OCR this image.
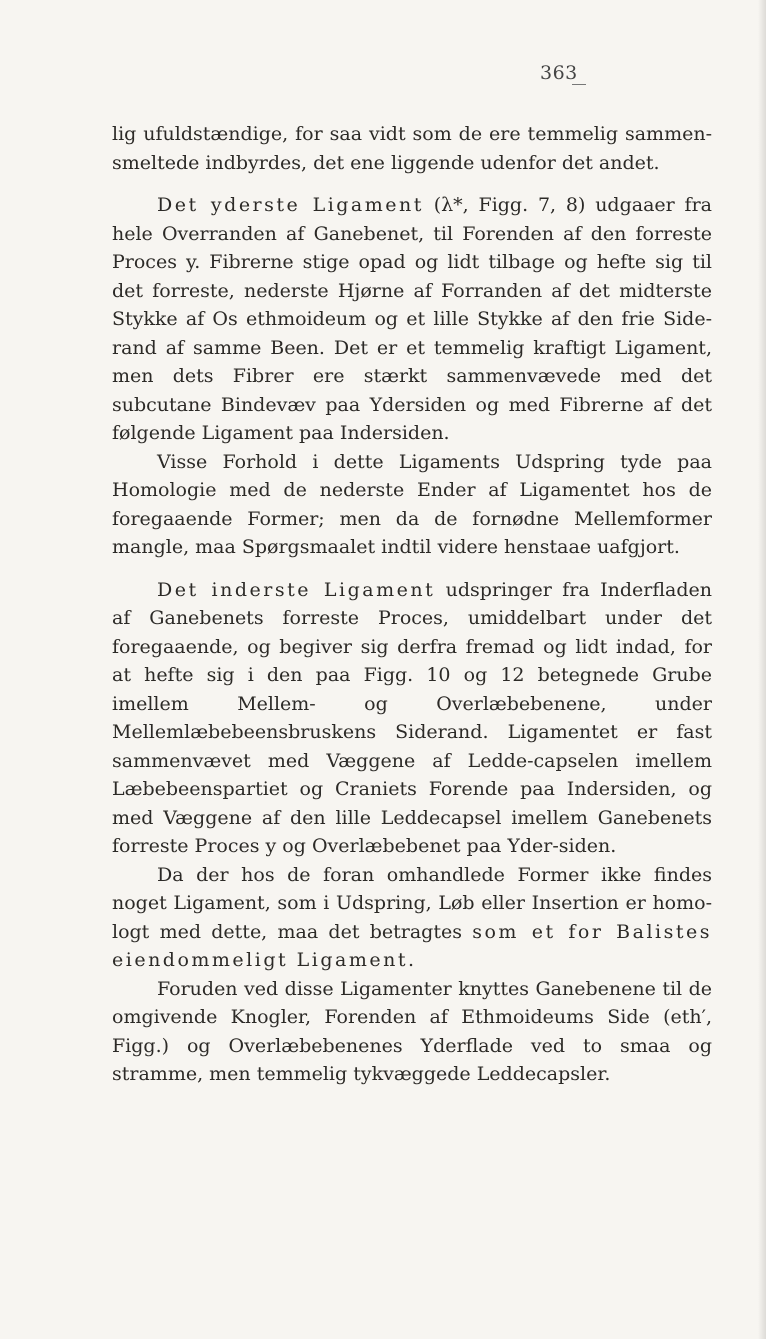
363

lig ufuldstændige, for saa vidt som de ere temmelig sammen-smeltede indbyrdes, det ene liggende udenfor det andet.

Det yderste Ligament (λ*, Figg. 7, 8) udgaaer fra hele Overranden af Ganebenet, til Forenden af den forreste Proces y. Fibrerne stige opad og lidt tilbage og hefte sig til det forreste, nederste Hjørne af Forranden af det midterste Stykke af Os ethmoideum og et lille Stykke af den frie Side-rand af samme Been. Det er et temmelig kraftigt Ligament, men dets Fibrer ere stærkt sammenvævede med det subcutane Bindevæv paa Ydersiden og med Fibrerne af det følgende Ligament paa Indersiden.

Visse Forhold i dette Ligaments Udspring tyde paa Homologie med de nederste Ender af Ligamentet hos de foregaaende Former; men da de fornødne Mellemformer mangle, maa Spørgsmaalet indtil videre henstaae uafgjort.

Det inderste Ligament udspringer fra Inderfladen af Ganebenets forreste Proces, umiddelbart under det foregaaende, og begiver sig derfra fremad og lidt indad, for at hefte sig i den paa Figg. 10 og 12 betegnede Grube imellem Mellem- og Overlæbebenene, under Mellemlæbebeensbruskens Siderand. Ligamentet er fast sammenvævet med Væggene af Ledde-capselen imellem Læbebeenspartiet og Craniets Forende paa Indersiden, og med Væggene af den lille Leddecapsel imellem Ganebenets forreste Proces y og Overlæbebenet paa Yder-siden.

Da der hos de foran omhandlede Former ikke findes noget Ligament, som i Udspring, Løb eller Insertion er homo-logt med dette, maa det betragtes som et for Balistes eiendommeligt Ligament.

Foruden ved disse Ligamenter knyttes Ganebenene til de omgivende Knogler, Forenden af Ethmoideums Side (eth′, Figg.) og Overlæbebenenes Yderflade ved to smaa og stramme, men temmelig tykvæggede Leddecapsler.
